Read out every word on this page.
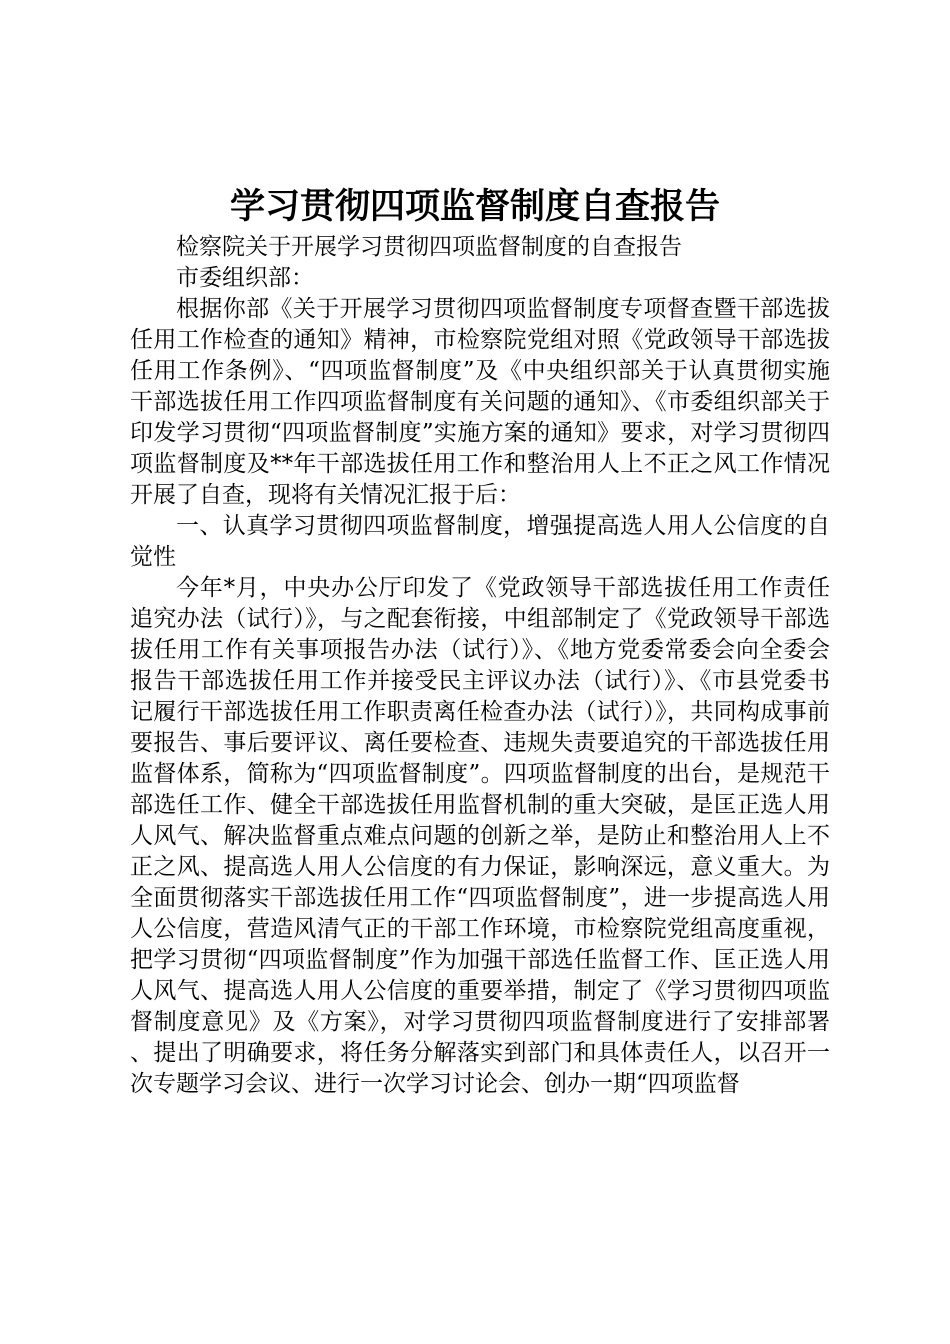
学习贯彻四项监督制度自查报告

检察院关于开展学习贯彻四项监督制度的自查报告

市委组织部：

根据你部《关于开展学习贯彻四项监督制度专项督查暨干部选拔任用工作检查的通知》精神，市检察院党组对照《党政领导干部选拔任用工作条例》、“四项监督制度”及《中央组织部关于认真贯彻实施干部选拔任用工作四项监督制度有关问题的通知》、《市委组织部关于印发学习贯彻“四项监督制度”实施方案的通知》要求，对学习贯彻四项监督制度及**年干部选拔任用工作和整治用人上不正之风工作情况开展了自查，现将有关情况汇报于后：

一、认真学习贯彻四项监督制度，增强提高选人用人公信度的自觉性

今年*月，中央办公厅印发了《党政领导干部选拔任用工作责任追究办法（试行）》，与之配套衔接，中组部制定了《党政领导干部选拔任用工作有关事项报告办法（试行）》、《地方党委常委会向全委会报告干部选拔任用工作并接受民主评议办法（试行）》、《市县党委书记履行干部选拔任用工作职责离任检查办法（试行）》，共同构成事前要报告、事后要评议、离任要检查、违规失责要追究的干部选拔任用监督体系，简称为“四项监督制度”。四项监督制度的出台，是规范干部选任工作、健全干部选拔任用监督机制的重大突破，是匡正选人用人风气、解决监督重点难点问题的创新之举，是防止和整治用人上不正之风、提高选人用人公信度的有力保证，影响深远，意义重大。为全面贯彻落实干部选拔任用工作“四项监督制度”，进一步提高选人用人公信度，营造风清气正的干部工作环境，市检察院党组高度重视，把学习贯彻“四项监督制度”作为加强干部选任监督工作、匡正选人用人风气、提高选人用人公信度的重要举措，制定了《学习贯彻四项监督制度意见》及《方案》，对学习贯彻四项监督制度进行了安排部署、提出了明确要求，将任务分解落实到部门和具体责任人，以召开一次专题学习会议、进行一次学习讨论会、创办一期“四项监督
